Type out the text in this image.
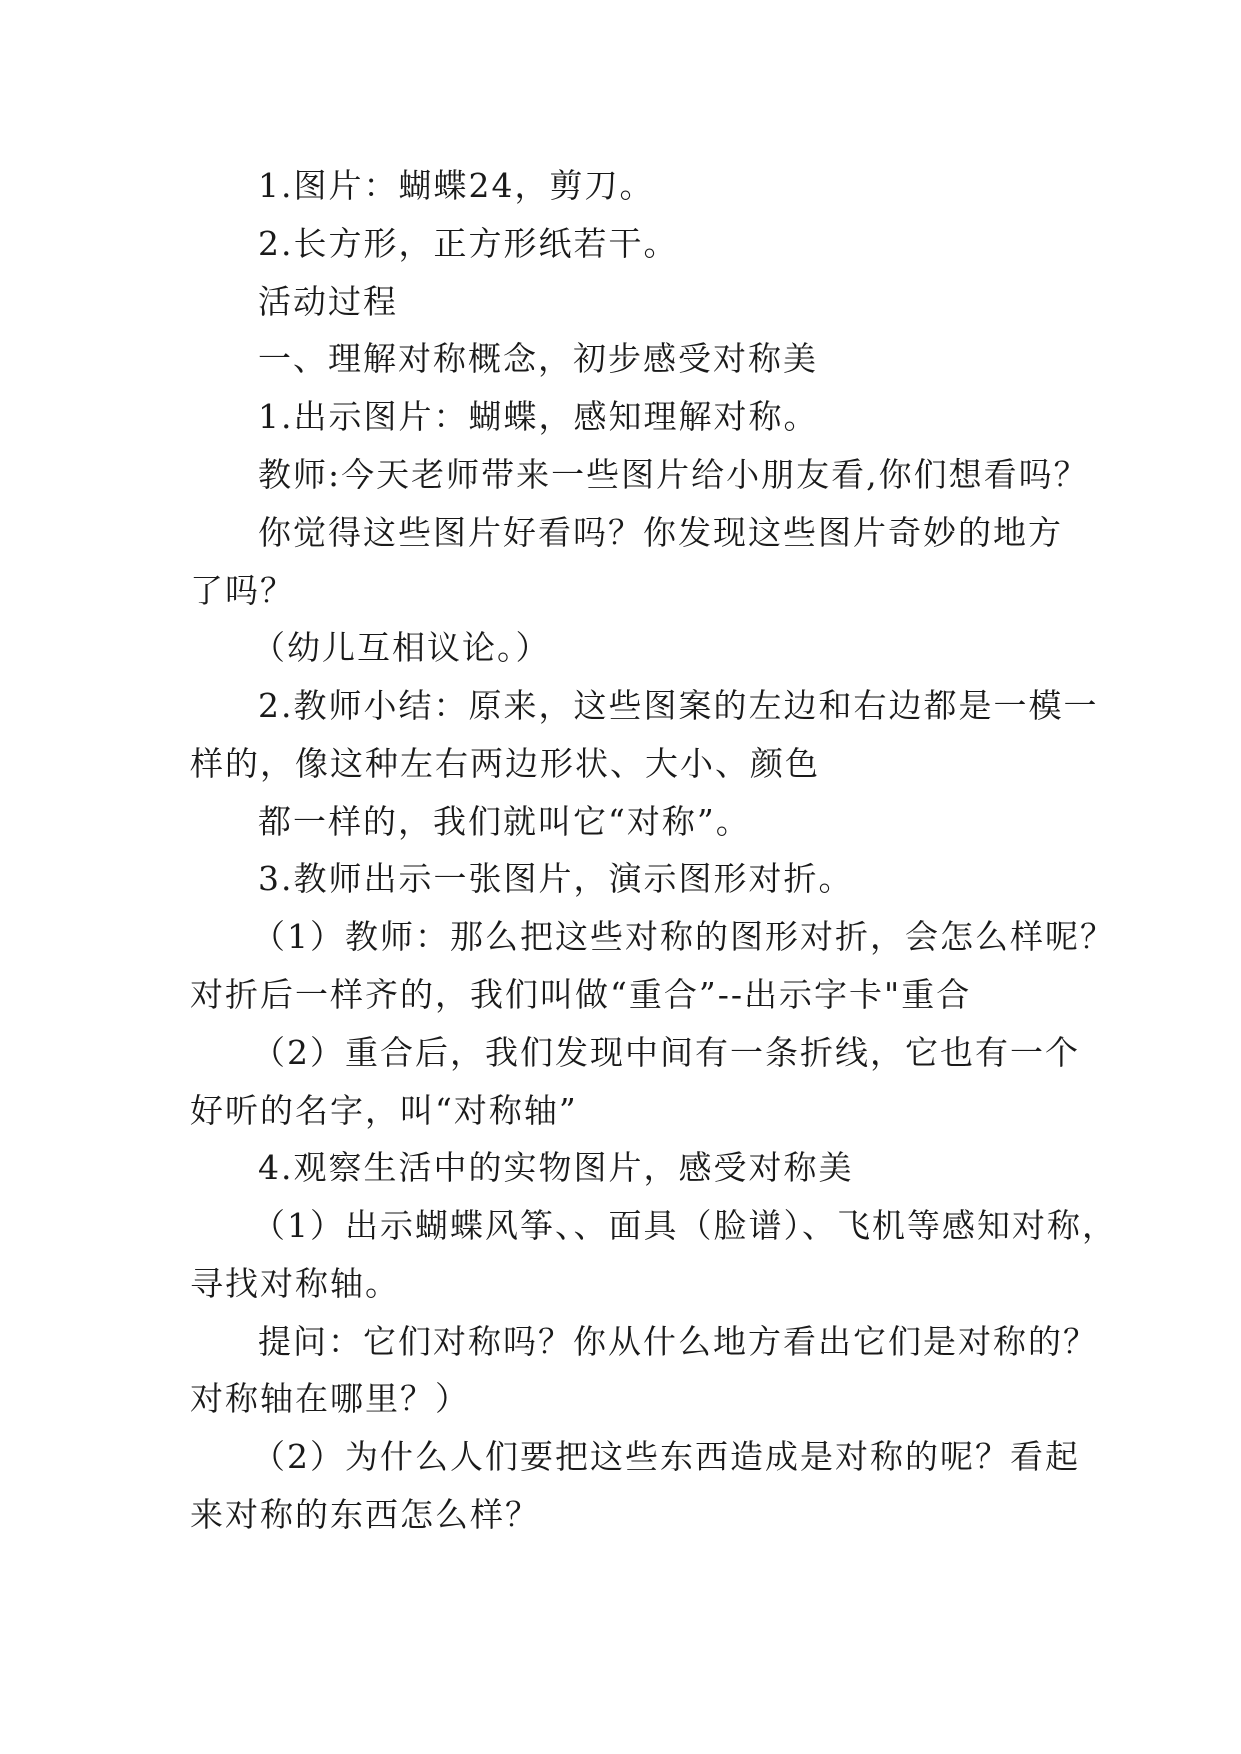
1.图片：蝴蝶24，剪刀。
2.长方形，正方形纸若干。
活动过程
一、理解对称概念，初步感受对称美
1.出示图片：蝴蝶，感知理解对称。
教师:今天老师带来一些图片给小朋友看,你们想看吗？
你觉得这些图片好看吗？你发现这些图片奇妙的地方
了吗？
（幼儿互相议论。）
2.教师小结：原来，这些图案的左边和右边都是一模一
样的，像这种左右两边形状、大小、颜色
都一样的，我们就叫它“对称”。
3.教师出示一张图片，演示图形对折。
（1）教师：那么把这些对称的图形对折，会怎么样呢？
对折后一样齐的，我们叫做“重合”--出示字卡"重合
（2）重合后，我们发现中间有一条折线，它也有一个
好听的名字，叫“对称轴”
4.观察生活中的实物图片，感受对称美
（1）出示蝴蝶风筝、、面具（脸谱）、飞机等感知对称，
寻找对称轴。
提问：它们对称吗？你从什么地方看出它们是对称的？
对称轴在哪里？）
（2）为什么人们要把这些东西造成是对称的呢？看起
来对称的东西怎么样？
